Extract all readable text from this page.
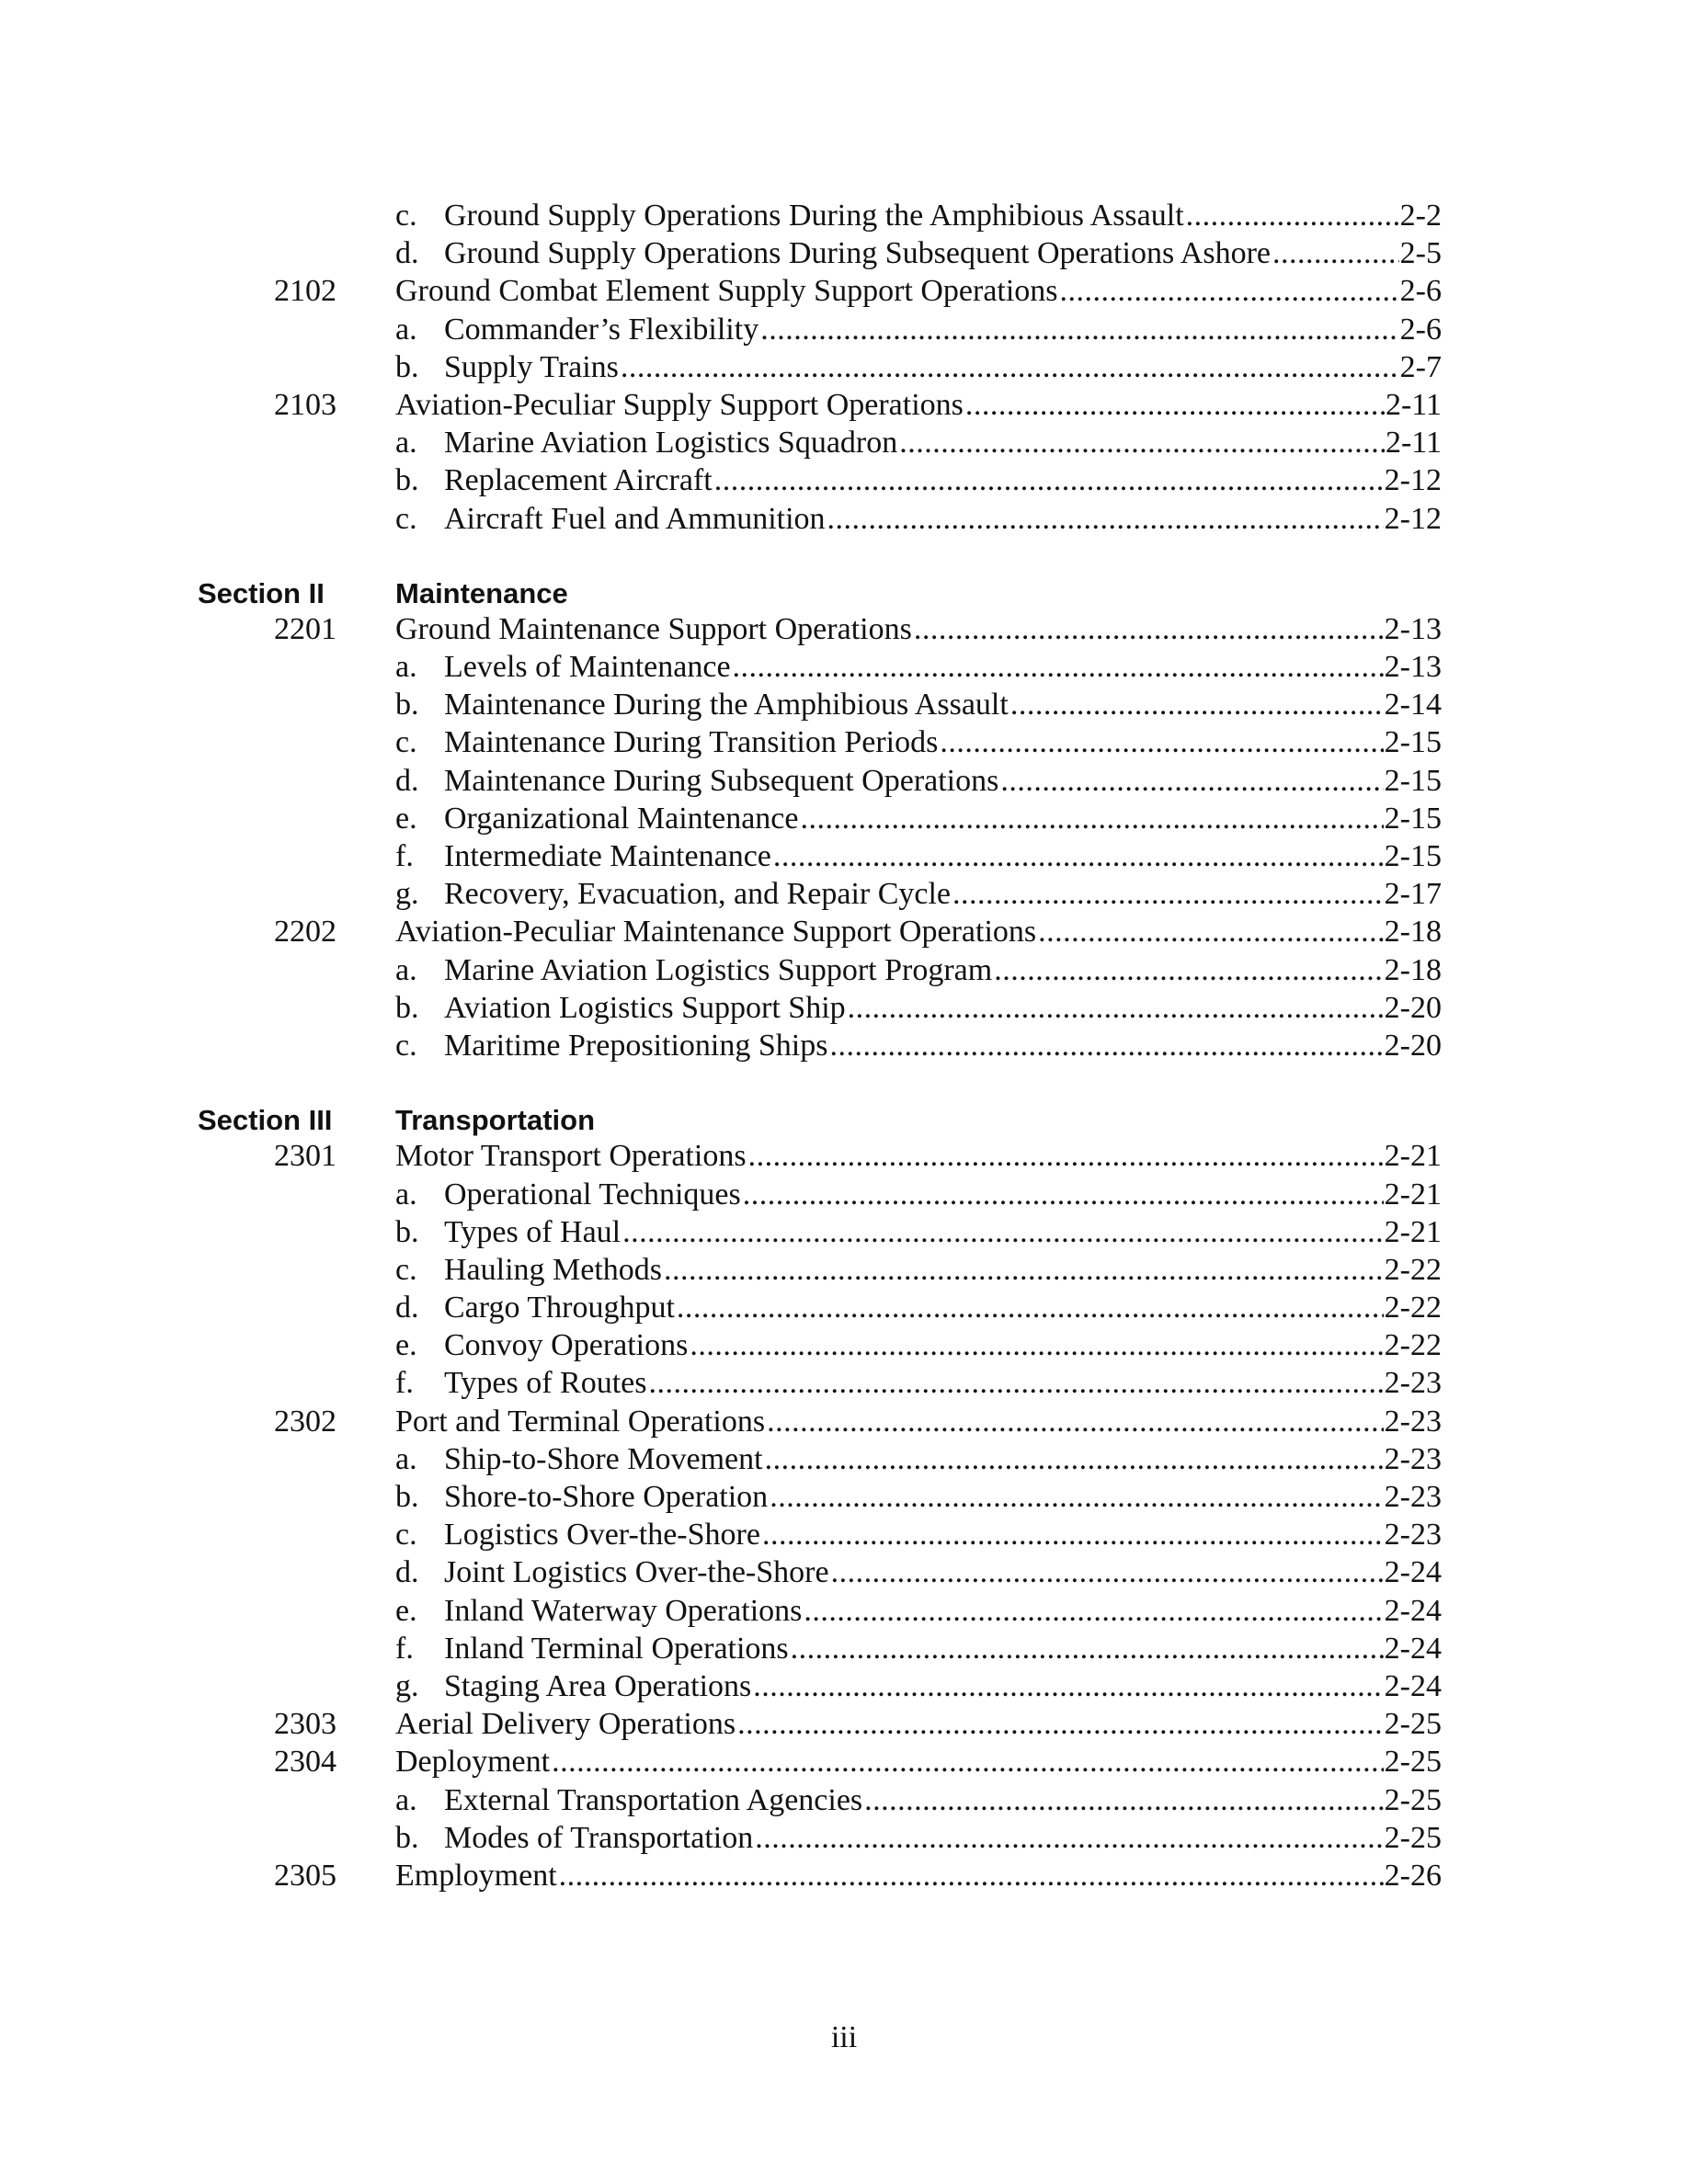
c. Ground Supply Operations During the Amphibious Assault .....	2-2
d. Ground Supply Operations During Subsequent Operations Ashore .....	2-5
2102 Ground Combat Element Supply Support Operations .....	2-6
a. Commander’s Flexibility .....	2-6
b. Supply Trains .....	2-7
2103 Aviation-Peculiar Supply Support Operations .....	2-11
a. Marine Aviation Logistics Squadron .....	2-11
b. Replacement Aircraft .....	2-12
c. Aircraft Fuel and Ammunition .....	2-12
Section II Maintenance
2201 Ground Maintenance Support Operations .....	2-13
a. Levels of Maintenance .....	2-13
b. Maintenance During the Amphibious Assault .....	2-14
c. Maintenance During Transition Periods .....	2-15
d. Maintenance During Subsequent Operations .....	2-15
e. Organizational Maintenance .....	2-15
f. Intermediate Maintenance .....	2-15
g. Recovery, Evacuation, and Repair Cycle .....	2-17
2202 Aviation-Peculiar Maintenance Support Operations .....	2-18
a. Marine Aviation Logistics Support Program .....	2-18
b. Aviation Logistics Support Ship .....	2-20
c. Maritime Prepositioning Ships .....	2-20
Section III Transportation
2301 Motor Transport Operations .....	2-21
a. Operational Techniques .....	2-21
b. Types of Haul .....	2-21
c. Hauling Methods .....	2-22
d. Cargo Throughput .....	2-22
e. Convoy Operations .....	2-22
f. Types of Routes .....	2-23
2302 Port and Terminal Operations .....	2-23
a. Ship-to-Shore Movement .....	2-23
b. Shore-to-Shore Operation .....	2-23
c. Logistics Over-the-Shore .....	2-23
d. Joint Logistics Over-the-Shore .....	2-24
e. Inland Waterway Operations .....	2-24
f. Inland Terminal Operations .....	2-24
g. Staging Area Operations .....	2-24
2303 Aerial Delivery Operations .....	2-25
2304 Deployment .....	2-25
a. External Transportation Agencies .....	2-25
b. Modes of Transportation .....	2-25
2305 Employment .....	2-26
iii
